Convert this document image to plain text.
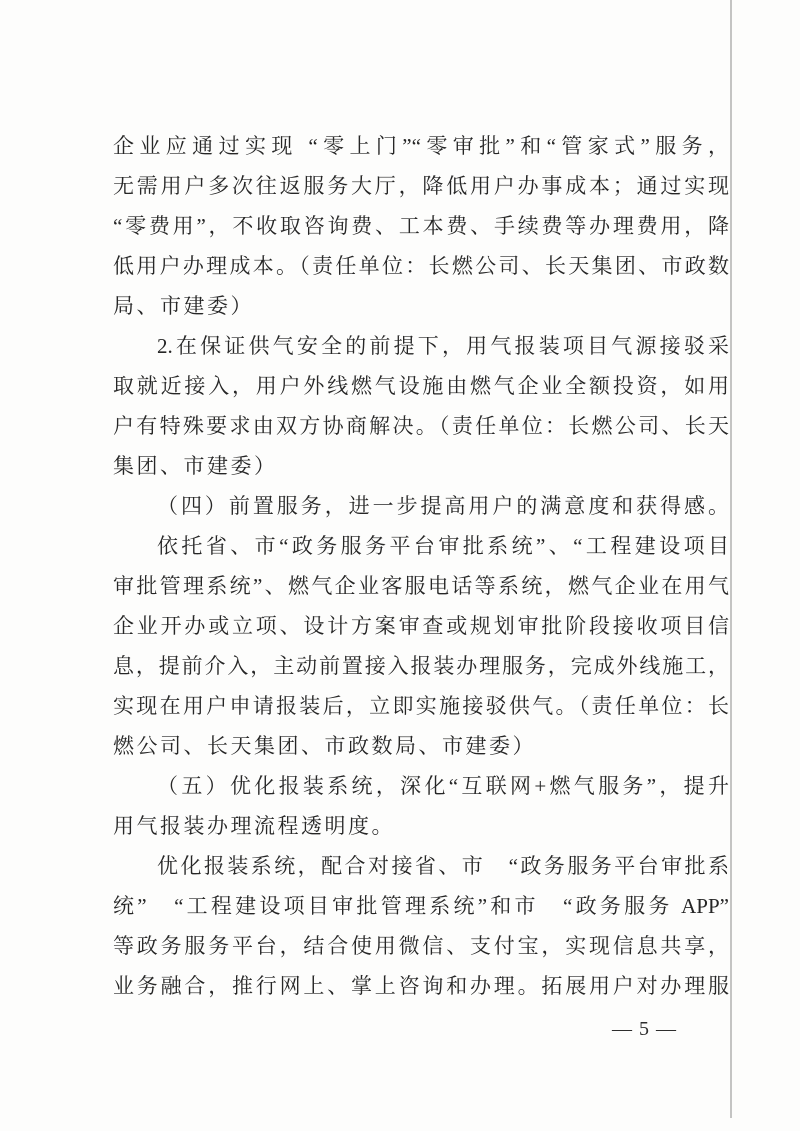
企业应通过实现 “零上门”“零审批”和“管家式”服务，

无需用户多次往返服务大厅，降低用户办事成本；通过实现

“零费用”，不收取咨询费、工本费、手续费等办理费用，降

低用户办理成本。（责任单位：长燃公司、长天集团、市政数

局、市建委）

2.在保证供气安全的前提下，用气报装项目气源接驳采

取就近接入，用户外线燃气设施由燃气企业全额投资，如用

户有特殊要求由双方协商解决。（责任单位：长燃公司、长天

集团、市建委）

（四）前置服务，进一步提高用户的满意度和获得感。

依托省、市“政务服务平台审批系统”、“工程建设项目

审批管理系统”、燃气企业客服电话等系统，燃气企业在用气

企业开办或立项、设计方案审查或规划审批阶段接收项目信

息，提前介入，主动前置接入报装办理服务，完成外线施工，

实现在用户申请报装后，立即实施接驳供气。（责任单位：长

燃公司、长天集团、市政数局、市建委）

（五）优化报装系统，深化“互联网+燃气服务”，提升

用气报装办理流程透明度。

优化报装系统，配合对接省、市　“政务服务平台审批系

统”　“工程建设项目审批管理系统”和市　“政务服务 APP”

等政务服务平台，结合使用微信、支付宝，实现信息共享，

业务融合，推行网上、掌上咨询和办理。拓展用户对办理服

— 5 —
